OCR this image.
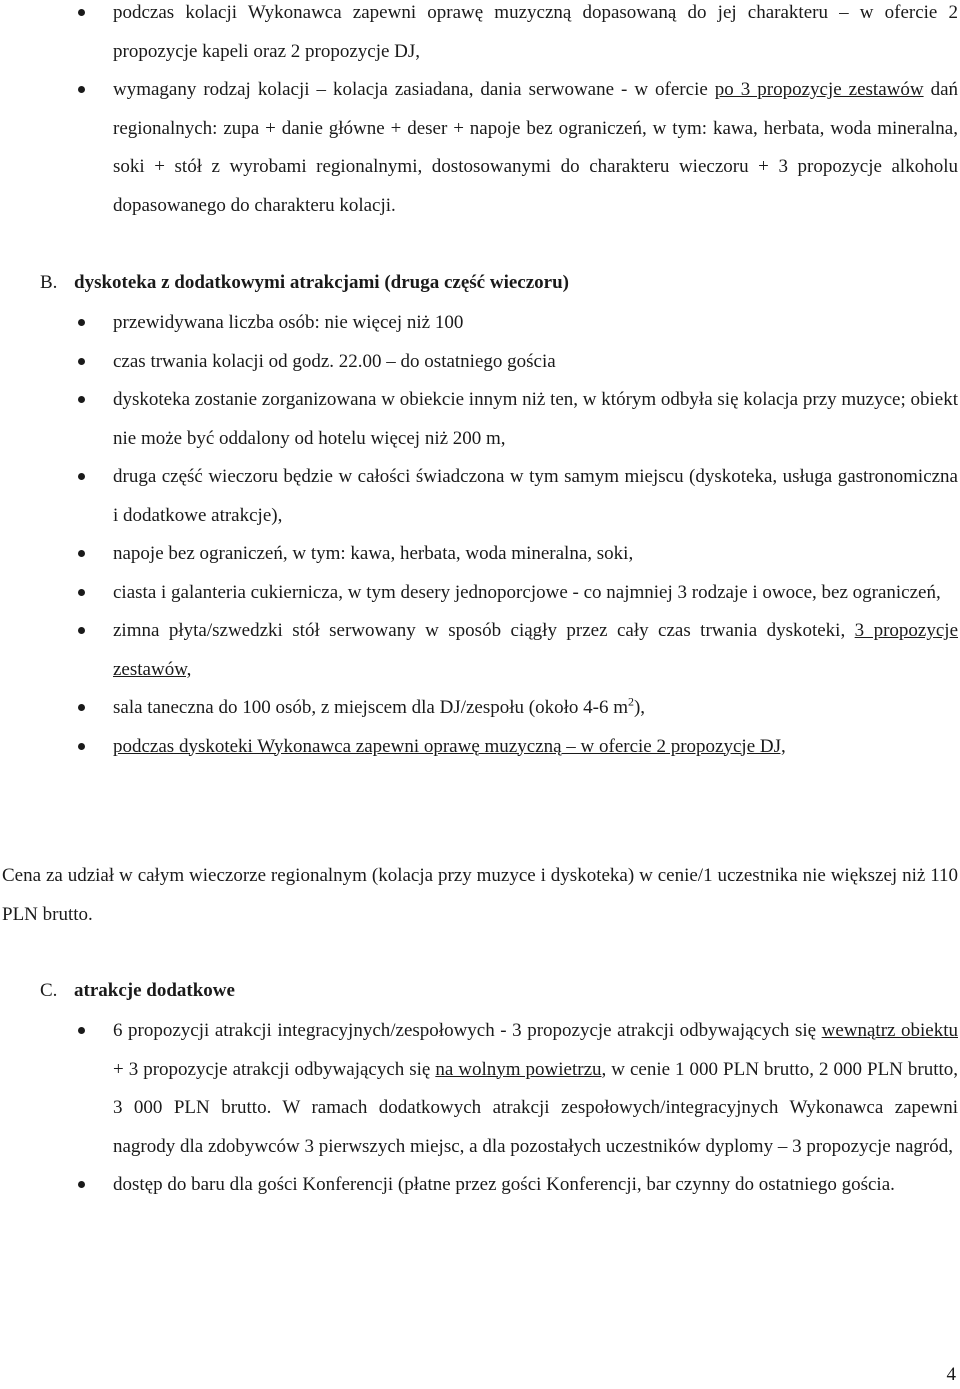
podczas kolacji Wykonawca zapewni oprawę muzyczną dopasowaną do jej charakteru – w ofercie 2 propozycje kapeli oraz 2 propozycje DJ,
wymagany rodzaj kolacji – kolacja zasiadana, dania serwowane - w ofercie po 3 propozycje zestawów dań regionalnych: zupa + danie główne + deser + napoje bez ograniczeń, w tym: kawa, herbata, woda mineralna, soki + stół z wyrobami regionalnymi, dostosowanymi do charakteru wieczoru + 3 propozycje alkoholu dopasowanego do charakteru kolacji.
B. dyskoteka z dodatkowymi atrakcjami (druga część wieczoru)
przewidywana liczba osób: nie więcej niż 100
czas trwania kolacji od godz. 22.00 – do ostatniego gościa
dyskoteka zostanie zorganizowana w obiekcie innym niż ten, w którym odbyła się kolacja przy muzyce; obiekt nie może być oddalony od hotelu więcej niż 200 m,
druga część wieczoru będzie w całości świadczona w tym samym miejscu (dyskoteka, usługa gastronomiczna i dodatkowe atrakcje),
napoje bez ograniczeń, w tym: kawa, herbata, woda mineralna, soki,
ciasta i galanteria cukiernicza, w tym desery jednoporcjowe - co najmniej 3 rodzaje i owoce, bez ograniczeń,
zimna płyta/szwedzki stół serwowany w sposób ciągły przez cały czas trwania dyskoteki, 3 propozycje zestawów,
sala taneczna do 100 osób, z miejscem dla DJ/zespołu (około 4-6 $m^2$),
podczas dyskoteki Wykonawca zapewni oprawę muzyczną – w ofercie 2 propozycje DJ,
Cena za udział w całym wieczorze regionalnym (kolacja przy muzyce i dyskoteka) w cenie/1 uczestnika nie większej niż 110 PLN brutto.
C. atrakcje dodatkowe
6 propozycji atrakcji integracyjnych/zespołowych - 3 propozycje atrakcji odbywających się wewnątrz obiektu + 3 propozycje atrakcji odbywających się na wolnym powietrzu, w cenie 1 000 PLN brutto, 2 000 PLN brutto, 3 000 PLN brutto. W ramach dodatkowych atrakcji zespołowych/integracyjnych Wykonawca zapewni nagrody dla zdobywców 3 pierwszych miejsc, a dla pozostałych uczestników dyplomy – 3 propozycje nagród,
dostęp do baru dla gości Konferencji (płatne przez gości Konferencji, bar czynny do ostatniego gościa.
4
